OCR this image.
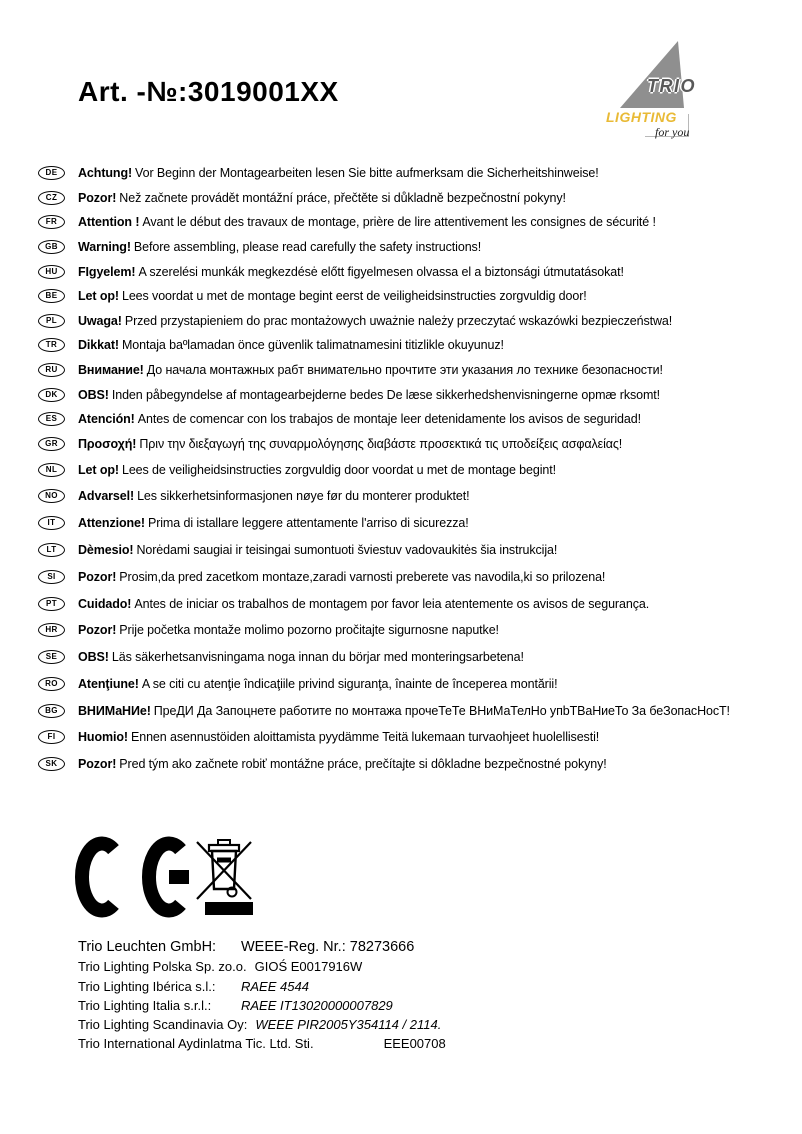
Art. -№:3019001XX	TRIO
LIGHTING
for you
DE	Achtung! Vor Beginn der Montagearbeiten lesen Sie bitte aufmerksam die Sicherheitshinweise!

CZ	Pozor! Než začnete provádět montážní práce, přečtěte si důkladně bezpečnostní pokyny!

FR	Attention ! Avant le début des travaux de montage, prière de lire attentivement les consignes de sécurité !

GB	Warning! Before assembling, please read carefully the safety instructions!

HU	FIgyelem! A szerelési munkák megkezdésė előtt figyelmesen olvassa el a biztonsági útmutatásokat!

BE	Let op! Lees voordat u met de montage begint eerst de veiligheidsinstructies zorgvuldig door!

PL	Uwaga! Przed przystapieniem do prac montażowych uważnie należy przeczytać wskazówki bezpieczeństwa!

TR	Dikkat! Montaja baºlamadan önce güvenlik talimatnamesini titizlikle okuyunuz!

RU	Внимание! До начала монтажных рабт внимательно прочтите эти указания ло технике безопасности!

DK	OBS! Inden påbegyndelse af montagearbejderne bedes De læse sikkerhedshenvisningerne opmæ rksomt!

ES	Atención! Antes de comencar con los trabajos de montaje leer detenidamente los avisos de seguridad!

GR	Προσοχή! Πριν την διεξαγωγή της συναρμολόγησης διαβάστε προσεκτικά τις υποδείξεις ασφαλείας!

NL	Let op! Lees de veiligheidsinstructies zorgvuldig door voordat u met de montage begint!

NO	Advarsel! Les sikkerhetsinformasjonen nøye før du monterer produktet!

IT	Attenzione! Prima di istallare leggere attentamente l'arriso di sicurezza!

LT	Dèmesio! Norėdami saugiai ir teisingai sumontuoti šviestuv vadovaukitės šia instrukcija!

SI	Pozor! Prosim,da pred zacetkom montaze,zaradi varnosti preberete vas navodila,ki so prilozena!

PT	Cuidado! Antes de iniciar os trabalhos de montagem por favor leia atentemente os avisos de segurança.

HR	Pozor! Prije početka montaže molimo pozorno pročitajte sigurnosne naputke!

SE	OBS! Läs säkerhetsanvisningama noga innan du börjar med monteringsarbetena!

RO	Atenţiune! A se citi cu atenţie îndicaţiile privind siguranţa, înainte de începerea montării!

BG	ВНИМаНИе! ПреДИ Да Запоцнете работите по монтажа прочеТеТе ВНиМаТелНо упbТВаНиеТо За беЗопасНосТ!

FI	Huomio! Ennen asennustöiden aloittamista pyydämme Teitä lukemaan turvaohjeet huolellisesti!

SK	Pozor! Pred tým ako začnete robiť montážne práce, prečítajte si dôkladne bezpečnostné pokyny!

Trio Leuchten GmbH:	WEEE-Reg. Nr.: 78273666
Trio Lighting Polska Sp. zo.o. GIOŚ E0017916W
Trio Lighting Ibérica s.l.:	RAEE 4544
Trio Lighting Italia s.r.l.:	RAEE IT13020000007829
Trio Lighting Scandinavia Oy: WEEE PIR2005Y354114 / 2114.
Trio International Aydinlatma Tic. Ltd. Sti.	EEE00708
